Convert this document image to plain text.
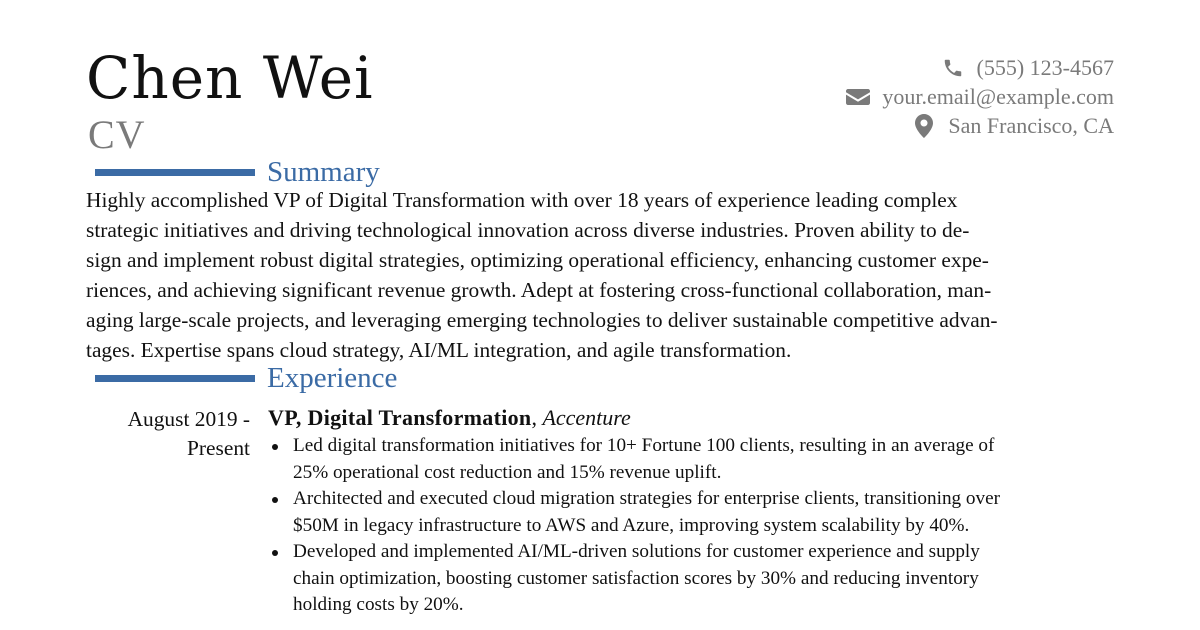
Chen Wei
CV
(555) 123-4567
your.email@example.com
San Francisco, CA
Summary
Highly accomplished VP of Digital Transformation with over 18 years of experience leading complex
strategic initiatives and driving technological innovation across diverse industries. Proven ability to de-
sign and implement robust digital strategies, optimizing operational efficiency, enhancing customer expe-
riences, and achieving significant revenue growth. Adept at fostering cross-functional collaboration, man-
aging large-scale projects, and leveraging emerging technologies to deliver sustainable competitive advan-
tages. Expertise spans cloud strategy, AI/ML integration, and agile transformation.
Experience
August 2019 -
Present
VP, Digital Transformation, Accenture
Led digital transformation initiatives for 10+ Fortune 100 clients, resulting in an average of
25% operational cost reduction and 15% revenue uplift.
Architected and executed cloud migration strategies for enterprise clients, transitioning over
$50M in legacy infrastructure to AWS and Azure, improving system scalability by 40%.
Developed and implemented AI/ML-driven solutions for customer experience and supply
chain optimization, boosting customer satisfaction scores by 30% and reducing inventory
holding costs by 20%.
